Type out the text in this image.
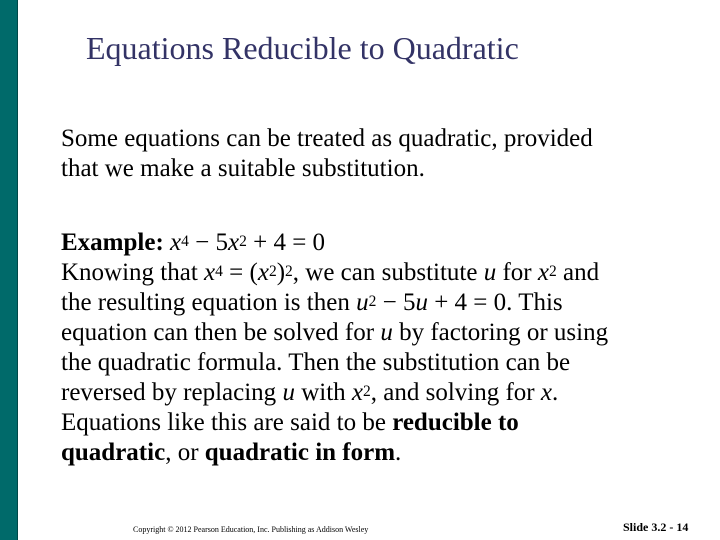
Equations Reducible to Quadratic
Some equations can be treated as quadratic, provided
that we make a suitable substitution.
Example: $x^4 - 5x^2 + 4 = 0$
Knowing that $x^4 = (x^2)^2$, we can substitute u for $x^2$ and
the resulting equation is then $u^2 - 5u + 4 = 0$. This
equation can then be solved for u by factoring or using
the quadratic formula. Then the substitution can be
reversed by replacing u with $x^2$, and solving for x.
Equations like this are said to be reducible to
quadratic, or quadratic in form.
Copyright © 2012 Pearson Education, Inc. Publishing as Addison Wesley	Slide 3.2 - 14
